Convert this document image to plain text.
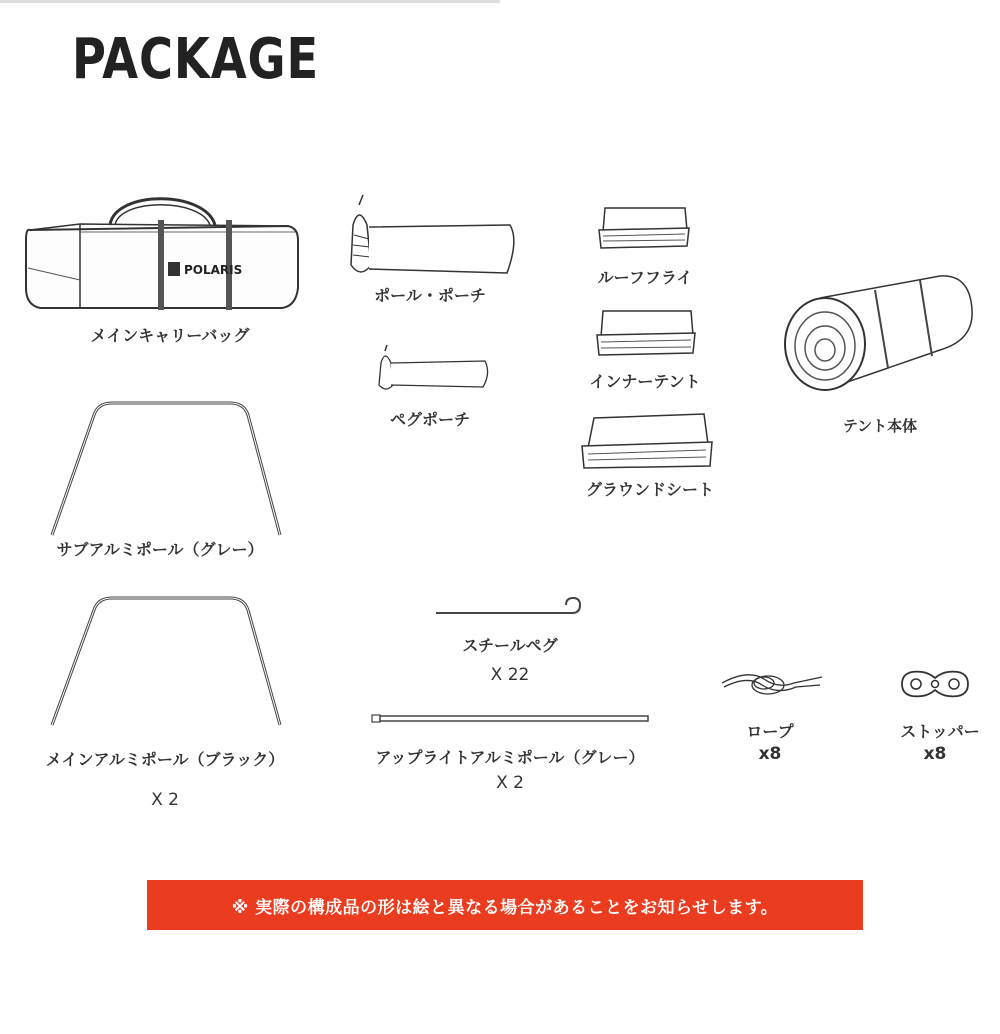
PACKAGE
POLARIS
メインキャリーバッグ
ポール・ポーチ
ペグポーチ
ルーフフライ
インナーテント
グラウンドシート
テント本体
サブアルミポール（グレー）
メインアルミポール（ブラック）
X 2
スチールペグ
X 22
アップライトアルミポール（グレー）
X 2
ロープ
x8
ストッパー
x8
※ 実際の構成品の形は絵と異なる場合があることをお知らせします。
